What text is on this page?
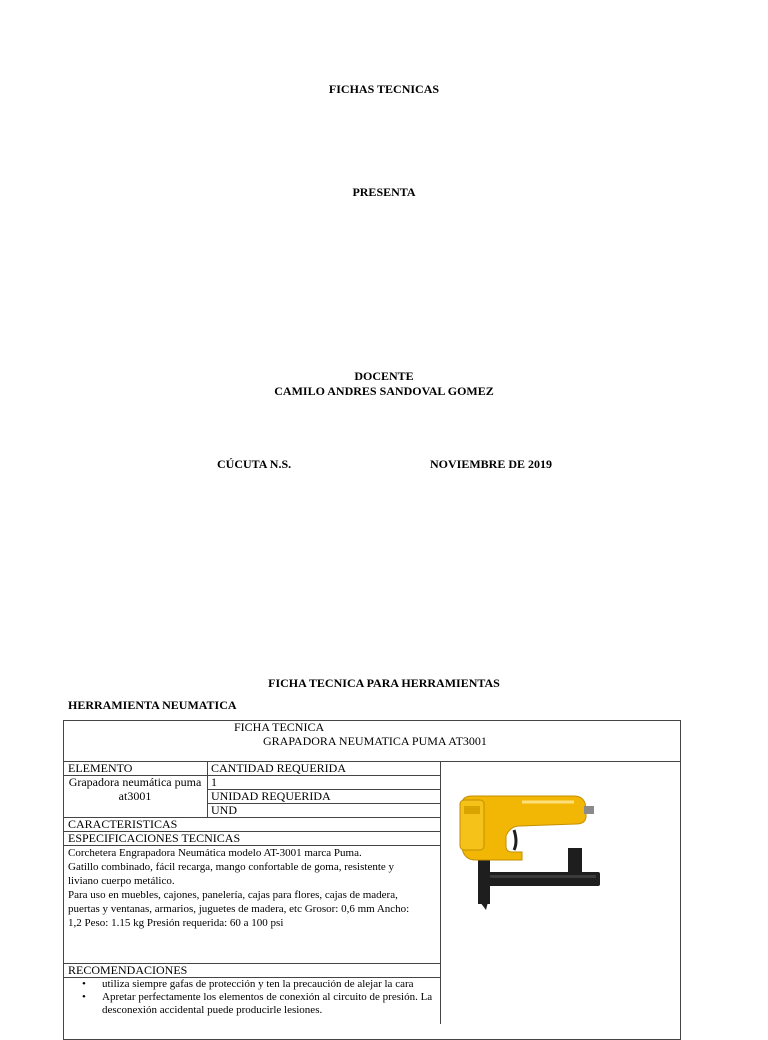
FICHAS TECNICAS
PRESENTA
DOCENTE
CAMILO ANDRES SANDOVAL GOMEZ
CÚCUTA N.S.	NOVIEMBRE DE 2019
FICHA TECNICA PARA HERRAMIENTAS
HERRAMIENTA NEUMATICA
FICHA TECNICA
GRAPADORA NEUMATICA PUMA AT3001
ELEMENTO	CANTIDAD REQUERIDA
Grapadora neumática puma
at3001
1
UNIDAD REQUERIDA
UND
CARACTERISTICAS
ESPECIFICACIONES TECNICAS
Corchetera Engrapadora Neumática modelo AT-3001 marca Puma.
Gatillo combinado, fácil recarga, mango confortable de goma, resistente y
liviano cuerpo metálico.
Para uso en muebles, cajones, panelería, cajas para flores, cajas de madera,
puertas y ventanas, armarios, juguetes de madera, etc Grosor: 0,6 mm Ancho:
1,2 Peso: 1.15 kg Presión requerida: 60 a 100 psi
RECOMENDACIONES
• utiliza siempre gafas de protección y ten la precaución de alejar la cara
• Apretar perfectamente los elementos de conexión al circuito de presión. La desconexión accidental puede producirle lesiones.
